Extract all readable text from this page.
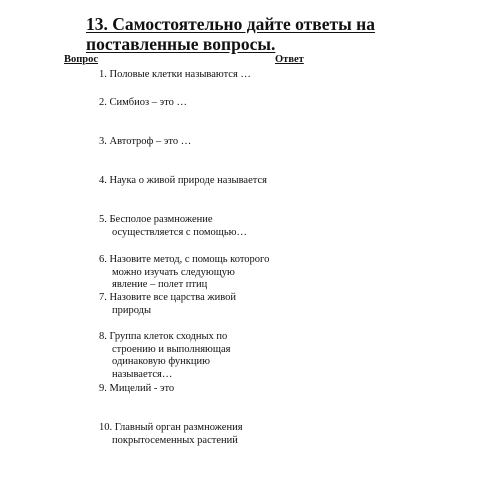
13. Самостоятельно дайте ответы на поставленные вопросы.
Вопрос	Ответ
1. Половые клетки называются …
2. Симбиоз – это …
3. Автотроф – это …
4. Наука о живой природе называется
5. Бесполое размножение
осуществляется с помощью…
6. Назовите метод, с помощь которого
можно изучать следующую
явление – полет птиц
7. Назовите все царства живой
природы
8. Группа клеток сходных по
строению и выполняющая
одинаковую функцию
называется…
9. Мицелий - это
10. Главный орган размножения
покрытосеменных растений
